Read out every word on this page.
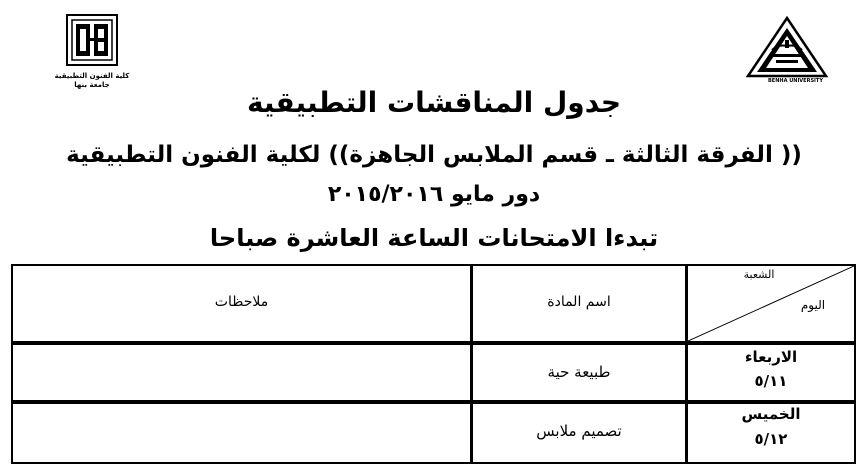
كلية الفنون التطبيقية
جامعة بنها	BENHA UNIVERSITY
جدول المناقشات التطبيقية
(( الفرقة الثالثة ـ قسم الملابس الجاهزة)) لكلية الفنون التطبيقية
دور مايو ٢٠١٥/٢٠١٦
تبدءا الامتحانات الساعة العاشرة صباحا
الشعبة
اليوم
اسم المادة
ملاحظات
الاربعاء
٥/١١
طبيعة حية
الخميس
٥/١٢
تصميم ملابس
